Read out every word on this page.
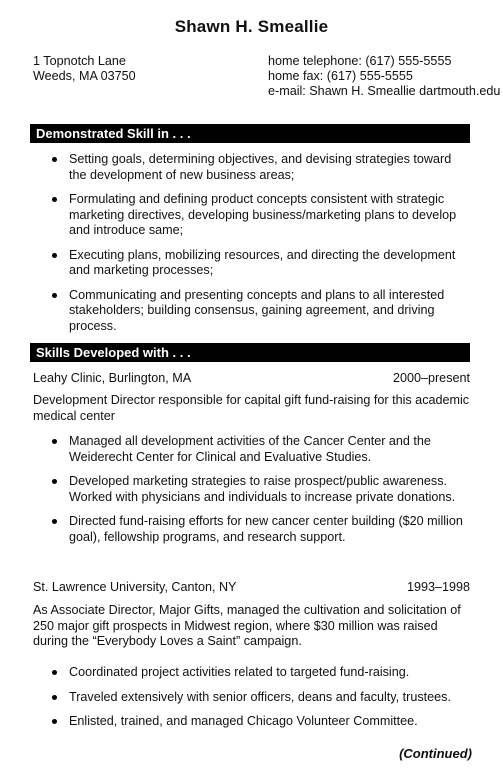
Shawn H. Smeallie
1 Topnotch Lane
Weeds, MA 03750
home telephone: (617) 555-5555
home fax: (617) 555-5555
e-mail: Shawn H. Smeallie dartmouth.edu
Demonstrated Skill in . . .
Setting goals, determining objectives, and devising strategies toward the development of new business areas;
Formulating and defining product concepts consistent with strategic marketing directives, developing business/marketing plans to develop and introduce same;
Executing plans, mobilizing resources, and directing the development and marketing processes;
Communicating and presenting concepts and plans to all interested stakeholders; building consensus, gaining agreement, and driving process.
Skills Developed with . . .
Leahy Clinic, Burlington, MA	2000–present
Development Director responsible for capital gift fund-raising for this academic medical center
Managed all development activities of the Cancer Center and the Weiderecht Center for Clinical and Evaluative Studies.
Developed marketing strategies to raise prospect/public awareness. Worked with physicians and individuals to increase private donations.
Directed fund-raising efforts for new cancer center building ($20 million goal), fellowship programs, and research support.
St. Lawrence University, Canton, NY	1993–1998
As Associate Director, Major Gifts, managed the cultivation and solicitation of 250 major gift prospects in Midwest region, where $30 million was raised during the “Everybody Loves a Saint” campaign.
Coordinated project activities related to targeted fund-raising.
Traveled extensively with senior officers, deans and faculty, trustees.
Enlisted, trained, and managed Chicago Volunteer Committee.
(Continued)
